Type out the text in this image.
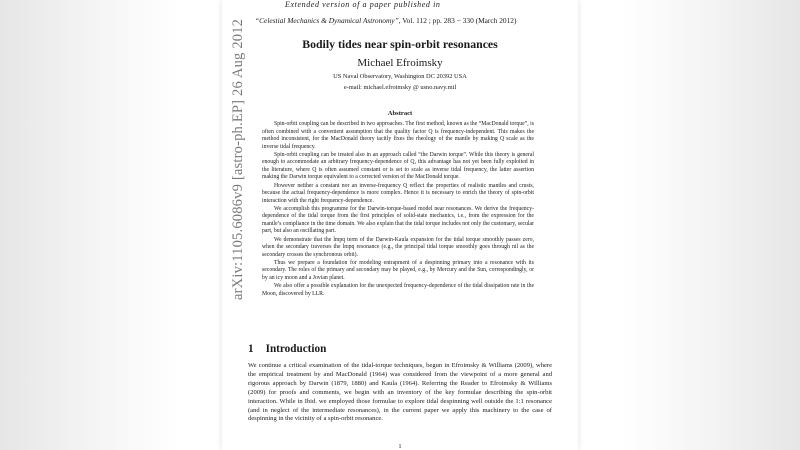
arXiv:1105.6086v9 [astro-ph.EP] 26 Aug 2012
Extended version of a paper published in
“Celestial Mechanics & Dynamical Astronomy”, Vol. 112 ; pp. 283 − 330 (March 2012)
Bodily tides near spin-orbit resonances
Michael Efroimsky
US Naval Observatory, Washington DC 20392 USA
e-mail: michael.efroimsky @ usno.navy.mil
Abstract

Spin-orbit coupling can be described in two approaches. The first method, known as the “MacDonald torque”, is often combined with a convenient assumption that the quality factor Q is frequency-independent. This makes the method inconsistent, for the MacDonald theory tacitly fixes the rheology of the mantle by making Q scale as the inverse tidal frequency.

Spin-orbit coupling can be treated also in an approach called “the Darwin torque”. While this theory is general enough to accommodate an arbitrary frequency-dependence of Q, this advantage has not yet been fully exploited in the literature, where Q is often assumed constant or is set to scale as inverse tidal frequency, the latter assertion making the Darwin torque equivalent to a corrected version of the MacDonald torque.

However neither a constant nor an inverse-frequency Q reflect the properties of realistic mantles and crusts, because the actual frequency-dependence is more complex. Hence it is necessary to enrich the theory of spin-orbit interaction with the right frequency-dependence.

We accomplish this programme for the Darwin-torque-based model near resonances. We derive the frequency-dependence of the tidal torque from the first principles of solid-state mechanics, i.e., from the expression for the mantle’s compliance in the time domain. We also explain that the tidal torque includes not only the customary, secular part, but also an oscillating part.

We demonstrate that the lmpq term of the Darwin-Kaula expansion for the tidal torque smoothly passes zero, when the secondary traverses the lmpq resonance (e.g., the principal tidal torque smoothly goes through nil as the secondary crosses the synchronous orbit).

Thus we prepare a foundation for modeling entrapment of a despinning primary into a resonance with its secondary. The roles of the primary and secondary may be played, e.g., by Mercury and the Sun, correspondingly, or by an icy moon and a Jovian planet.

We also offer a possible explanation for the unexpected frequency-dependence of the tidal dissipation rate in the Moon, discovered by LLR.

1 Introduction

We continue a critical examination of the tidal-torque techniques, begun in Efroimsky & Williams (2009), where the empirical treatment by and MacDonald (1964) was considered from the viewpoint of a more general and rigorous approach by Darwin (1879, 1880) and Kaula (1964). Referring the Reader to Efroimsky & Williams (2009) for proofs and comments, we begin with an inventory of the key formulae describing the spin-orbit interaction. While in Ibid. we employed those formulae to explore tidal despinning well outside the 1:1 resonance (and in neglect of the intermediate resonances), in the current paper we apply this machinery to the case of despinning in the vicinity of a spin-orbit resonance.

1
